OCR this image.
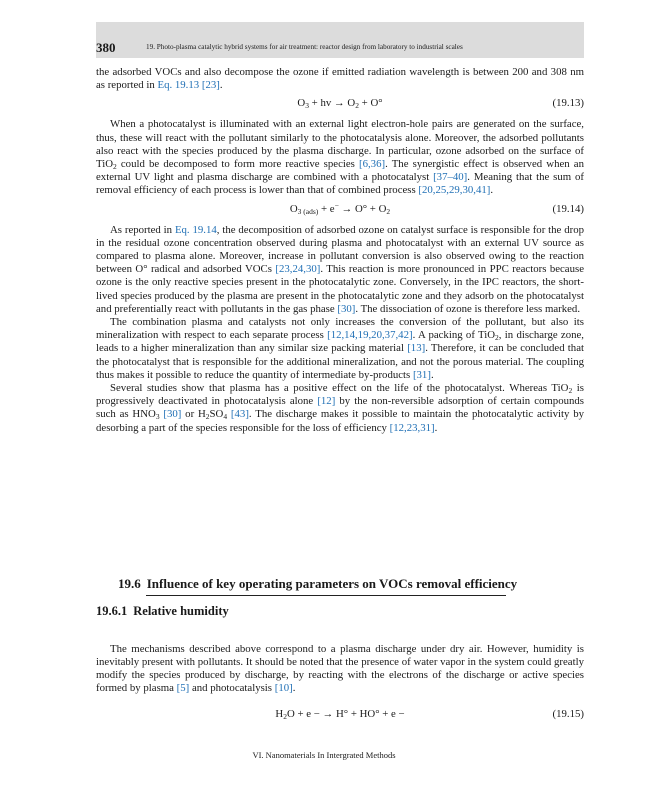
380	19. Photo-plasma catalytic hybrid systems for air treatment: reactor design from laboratory to industrial scales

the adsorbed VOCs and also decompose the ozone if emitted radiation wavelength is between 200 and 308 nm as reported in Eq. 19.13 [23].

$O_3$ + hv → $O_2 + O^\circ$	(19.13)

When a photocatalyst is illuminated with an external light electron-hole pairs are generated on the surface, thus, these will react with the pollutant similarly to the photocatalysis alone. Moreover, the adsorbed pollutants also react with the species produced by the plasma discharge. In particular, ozone adsorbed on the surface of TiO$_2$ could be decomposed to form more reactive species [6,36]. The synergistic effect is observed when an external UV light and plasma discharge are combined with a photocatalyst [37–40]. Meaning that the sum of removal efficiency of each process is lower than that of combined process [20,25,29,30,41].

$O_{3 (ads)} + e^- \to O^\circ + O_2$	(19.14)

As reported in Eq. 19.14, the decomposition of adsorbed ozone on catalyst surface is responsible for the drop in the residual ozone concentration observed during plasma and photocatalyst with an external UV source as compared to plasma alone. Moreover, increase in pollutant conversion is also observed owing to the reaction between O° radical and adsorbed VOCs [23,24,30]. This reaction is more pronounced in PPC reactors because ozone is the only reactive species present in the photocatalytic zone. Conversely, in the IPC reactors, the short-lived species produced by the plasma are present in the photocatalytic zone and they adsorb on the photocatalyst and preferentially react with pollutants in the gas phase [30]. The dissociation of ozone is therefore less marked.

The combination plasma and catalysts not only increases the conversion of the pollutant, but also its mineralization with respect to each separate process [12,14,19,20,37,42]. A packing of TiO$_2$, in discharge zone, leads to a higher mineralization than any similar size packing material [13]. Therefore, it can be concluded that the photocatalyst that is responsible for the additional mineralization, and not the porous material. The coupling thus makes it possible to reduce the quantity of intermediate by-products [31].

Several studies show that plasma has a positive effect on the life of the photocatalyst. Whereas TiO$_2$ is progressively deactivated in photocatalysis alone [12] by the non-reversible adsorption of certain compounds such as $HNO_3$ [30] or $H_2SO_4$ [43]. The discharge makes it possible to maintain the photocatalytic activity by desorbing a part of the species responsible for the loss of efficiency [12,23,31].

19.6 Influence of key operating parameters on VOCs removal efficiency
19.6.1 Relative humidity

The mechanisms described above correspond to a plasma discharge under dry air. However, humidity is inevitably present with pollutants. It should be noted that the presence of water vapor in the system could greatly modify the species produced by discharge, by reacting with the electrons of the discharge or active species formed by plasma [5] and photocatalysis [10].

$H_2O + e$ − → H° + HO° + e −	(19.15)
VI. Nanomaterials In Intergrated Methods
